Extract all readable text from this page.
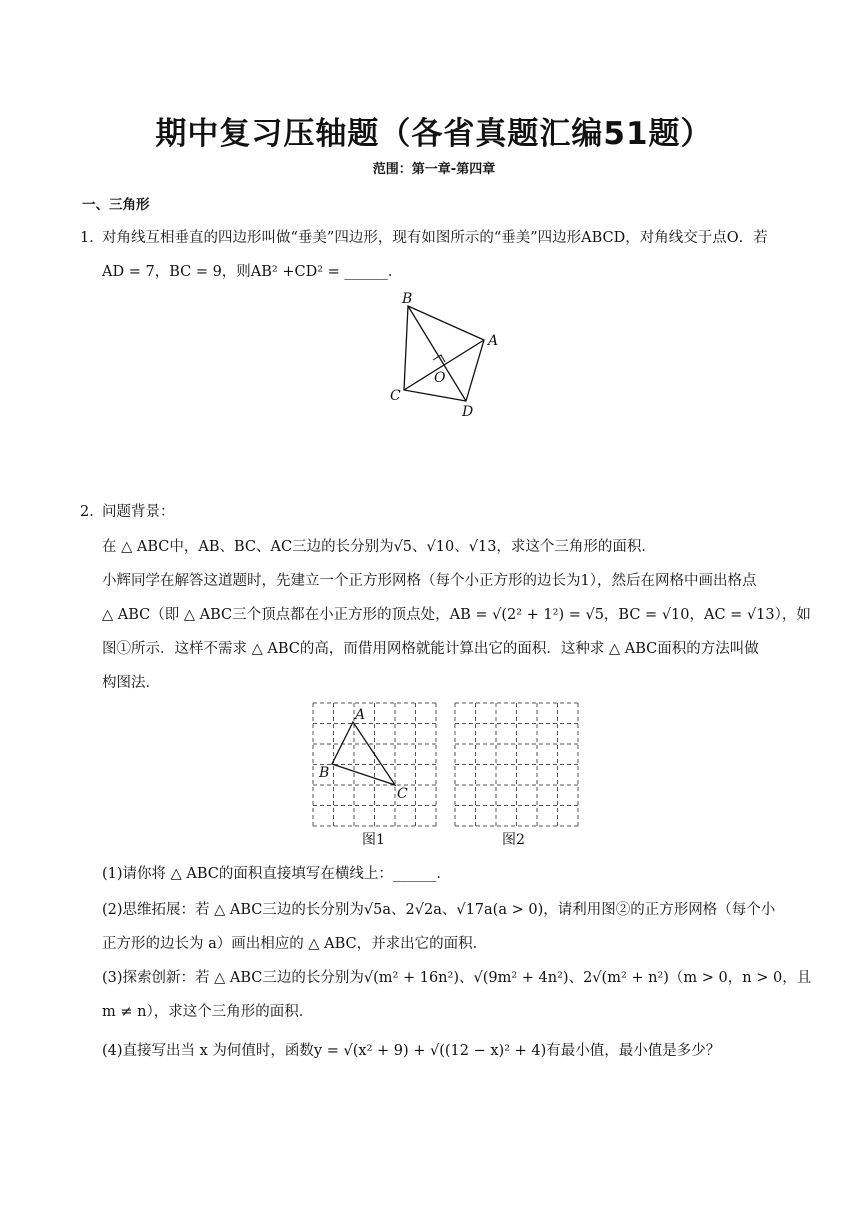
期中复习压轴题（各省真题汇编51题）
范围：第一章-第四章
一、三角形
1．
对角线互相垂直的四边形叫做“垂美”四边形，现有如图所示的“垂美”四边形ABCD，对角线交于点O．若
AD = 7，BC = 9，则AB² +CD² = ______．
B
A
O
C
D
2．
问题背景：
在 △ ABC中，AB、BC、AC三边的长分别为√5、√10、√13，求这个三角形的面积．
小辉同学在解答这道题时，先建立一个正方形网格（每个小正方形的边长为1），然后在网格中画出格点
△ ABC（即 △ ABC三个顶点都在小正方形的顶点处，AB = √(2² + 1²) = √5，BC = √10，AC = √13），如
图①所示．这样不需求 △ ABC的高，而借用网格就能计算出它的面积．这种求 △ ABC面积的方法叫做
构图法．
A
B
C
图1	图2
(1)请你将 △ ABC的面积直接填写在横线上：______．
(2)思维拓展：若 △ ABC三边的长分别为√5a、2√2a、√17a(a > 0)，请利用图②的正方形网格（每个小
正方形的边长为 a）画出相应的 △ ABC，并求出它的面积．
(3)探索创新：若 △ ABC三边的长分别为√(m² + 16n²)、√(9m² + 4n²)、2√(m² + n²)（m > 0，n > 0，且
m ≠ n），求这个三角形的面积．
(4)直接写出当 x 为何值时，函数y = √(x² + 9) + √((12 − x)² + 4)有最小值，最小值是多少？
